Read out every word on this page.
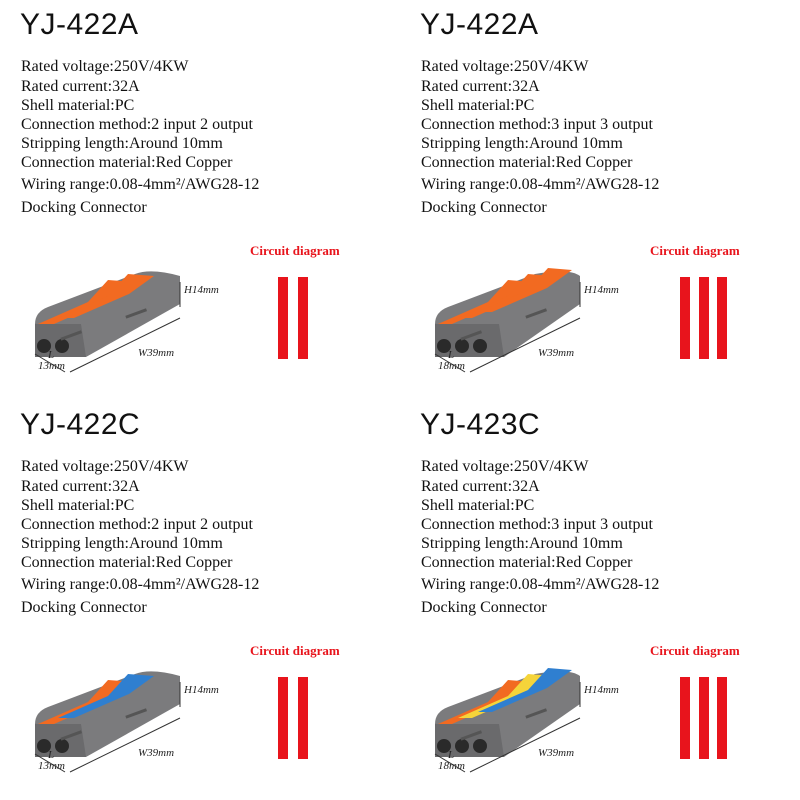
YJ-422A
Rated voltage:250V/4KW
Rated current:32A
Shell material:PC
Connection method:2 input 2 output
Stripping length:Around 10mm
Connection material:Red Copper
Wiring range:0.08-4mm²/AWG28-12
Docking Connector
Circuit diagram
H14mm
W39mm
L
13mm
YJ-422A
Rated voltage:250V/4KW
Rated current:32A
Shell material:PC
Connection method:3 input 3 output
Stripping length:Around 10mm
Connection material:Red Copper
Wiring range:0.08-4mm²/AWG28-12
Docking Connector
Circuit diagram
H14mm
W39mm
L
18mm
YJ-422C
Rated voltage:250V/4KW
Rated current:32A
Shell material:PC
Connection method:2 input 2 output
Stripping length:Around 10mm
Connection material:Red Copper
Wiring range:0.08-4mm²/AWG28-12
Docking Connector
Circuit diagram
H14mm
W39mm
L
13mm
YJ-423C
Rated voltage:250V/4KW
Rated current:32A
Shell material:PC
Connection method:3 input 3 output
Stripping length:Around 10mm
Connection material:Red Copper
Wiring range:0.08-4mm²/AWG28-12
Docking Connector
Circuit diagram
H14mm
W39mm
L
18mm
